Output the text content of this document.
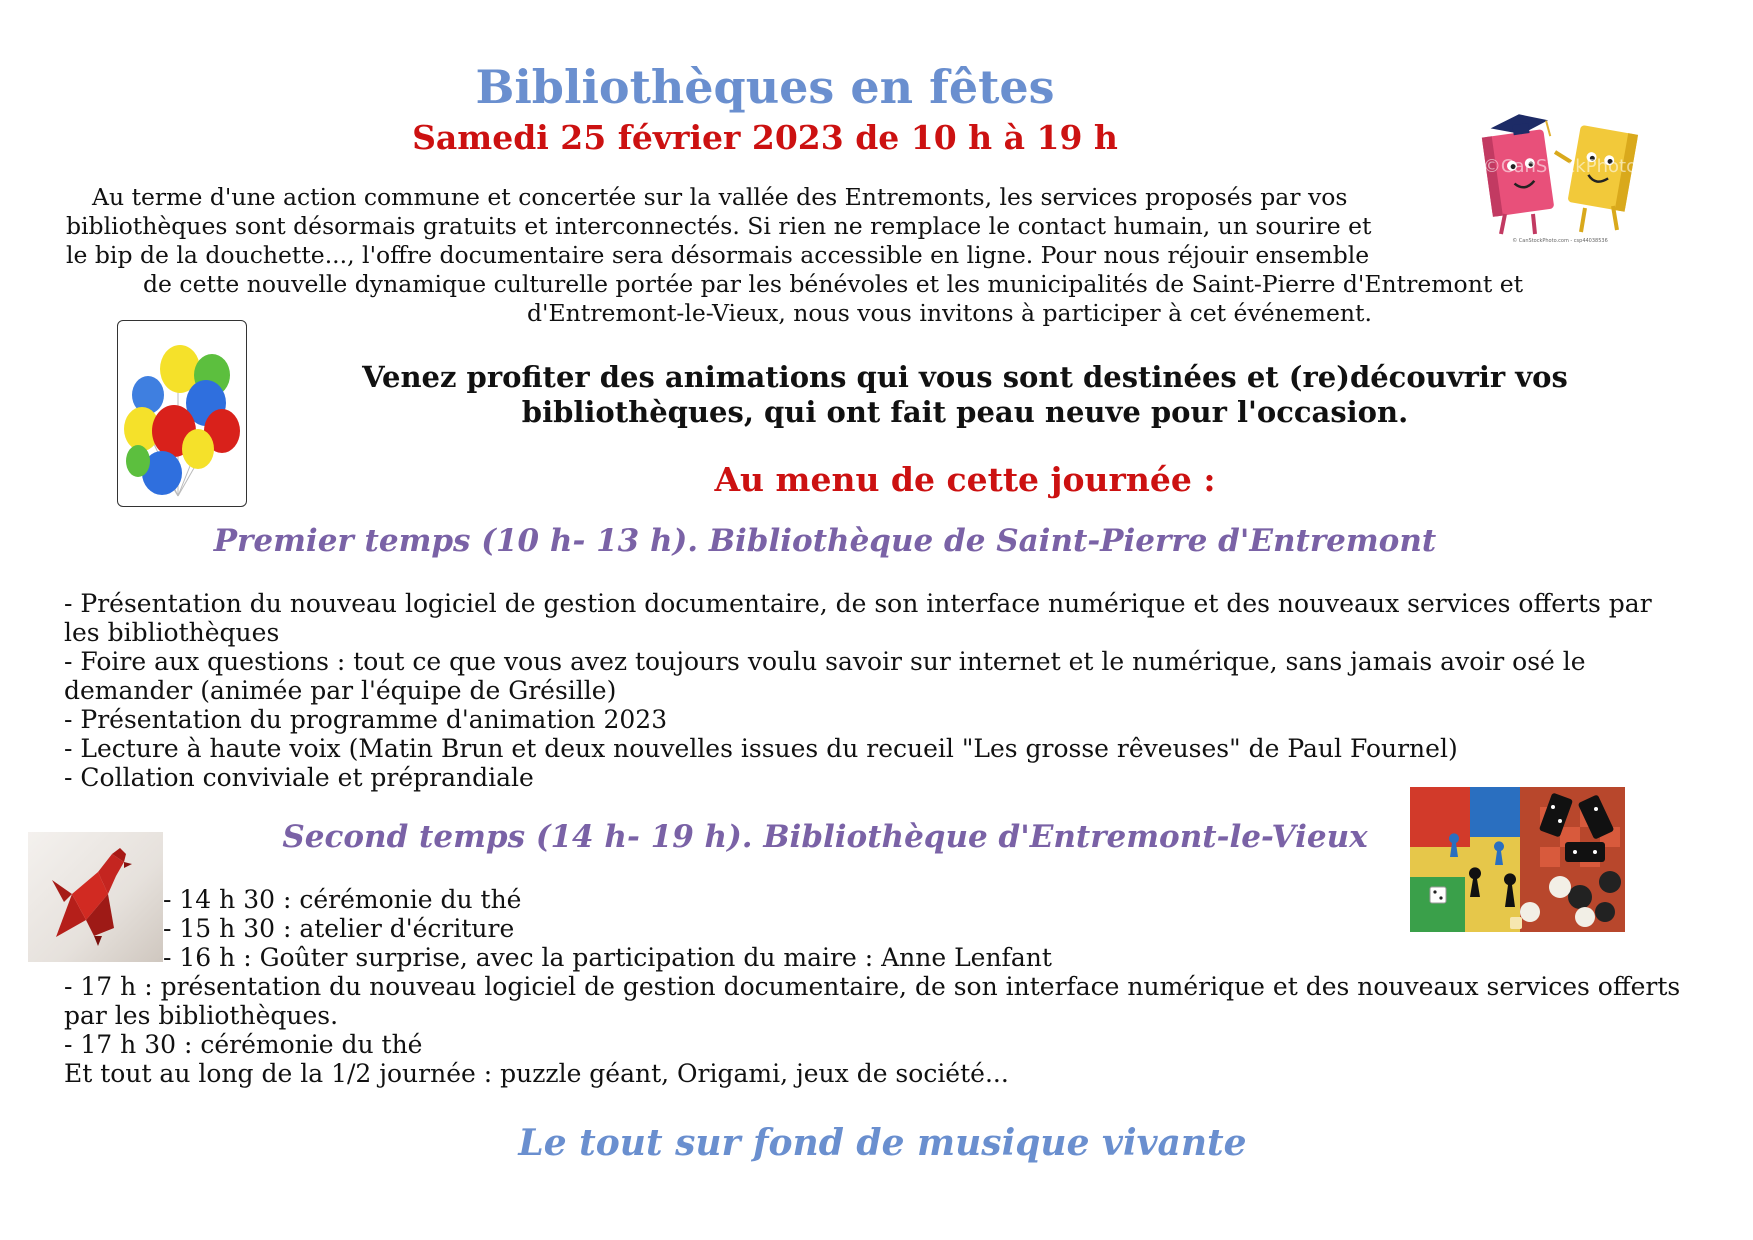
Bibliothèques en fêtes
Samedi 25 février 2023 de 10 h à 19 h
©CanStockPhoto
© CanStockPhoto.com - csp44038536
Au terme d'une action commune et concertée sur la vallée des Entremonts, les services proposés par vos
bibliothèques sont désormais gratuits et interconnectés. Si rien ne remplace le contact humain, un sourire et
le bip de la douchette..., l'offre documentaire sera désormais accessible en ligne. Pour nous réjouir ensemble
de cette nouvelle dynamique culturelle portée par les bénévoles et les municipalités de Saint-Pierre d'Entremont et
d'Entremont-le-Vieux, nous vous invitons à participer à cet événement.
Venez profiter des animations qui vous sont destinées et (re)découvrir vos
bibliothèques, qui ont fait peau neuve pour l'occasion.
Au menu de cette journée :
Premier temps (10 h- 13 h). Bibliothèque de Saint-Pierre d'Entremont
- Présentation du nouveau logiciel de gestion documentaire, de son interface numérique et des nouveaux services offerts par
les bibliothèques
- Foire aux questions : tout ce que vous avez toujours voulu savoir sur internet et le numérique, sans jamais avoir osé le
demander (animée par l'équipe de Grésille)
- Présentation du programme d'animation 2023
- Lecture à haute voix (Matin Brun et deux nouvelles issues du recueil "Les grosse rêveuses" de Paul Fournel)
- Collation conviviale et préprandiale
Second temps (14 h- 19 h). Bibliothèque d'Entremont-le-Vieux
- 14 h 30 : cérémonie du thé
- 15 h 30 : atelier d'écriture
- 16 h : Goûter surprise, avec la participation du maire : Anne Lenfant
- 17 h : présentation du nouveau logiciel de gestion documentaire, de son interface numérique et des nouveaux services offerts
par les bibliothèques.
- 17 h 30 : cérémonie du thé
Et tout au long de la 1/2 journée : puzzle géant, Origami, jeux de société...
Le tout sur fond de musique vivante
